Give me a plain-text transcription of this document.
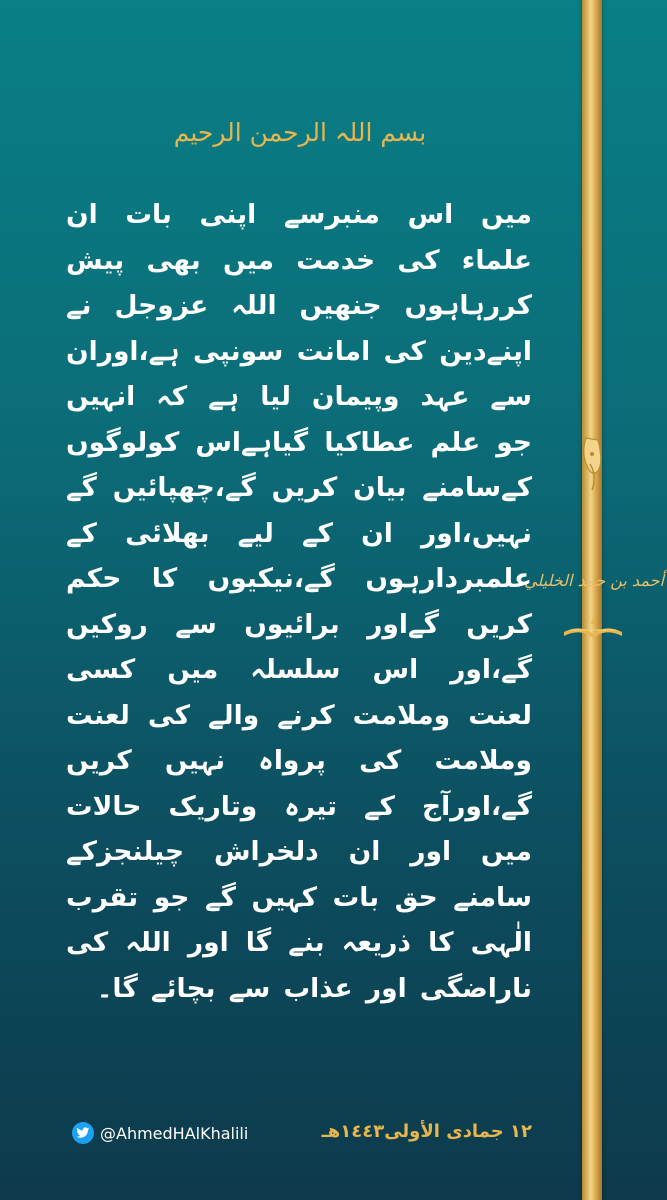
أحمد بن حمد الخليلي
بسم اللہ الرحمن الرحیم
میں اس منبرسے اپنی بات ان علماء کی خدمت میں بھی پیش کررہاہوں جنھیں اللہ عزوجل نے اپنےدین کی امانت سونپی ہے،اوران سے عہد وپیمان لیا ہے کہ انہیں جو علم عطاکیا گیاہےاس کولوگوں کےسامنے بیان کریں گے،چھپائیں گے نہیں،اور ان کے لیے بھلائی کے علمبردارہوں گے،نیکیوں کا حکم کریں گےاور برائیوں سے روکیں گے،اور اس سلسلہ میں کسی لعنت وملامت کرنے والے کی لعنت وملامت کی پرواہ نہیں کریں گے،اورآج کے تیرہ وتاریک حالات میں اور ان دلخراش چیلنجزکے سامنے حق بات کہیں گے جو تقرب الٰہی کا ذریعہ بنے گا اور اللہ کی ناراضگی اور عذاب سے بچائے گا۔
@AhmedHAlKhalili	١٢ جمادى الأولى١٤٤٣هـ
